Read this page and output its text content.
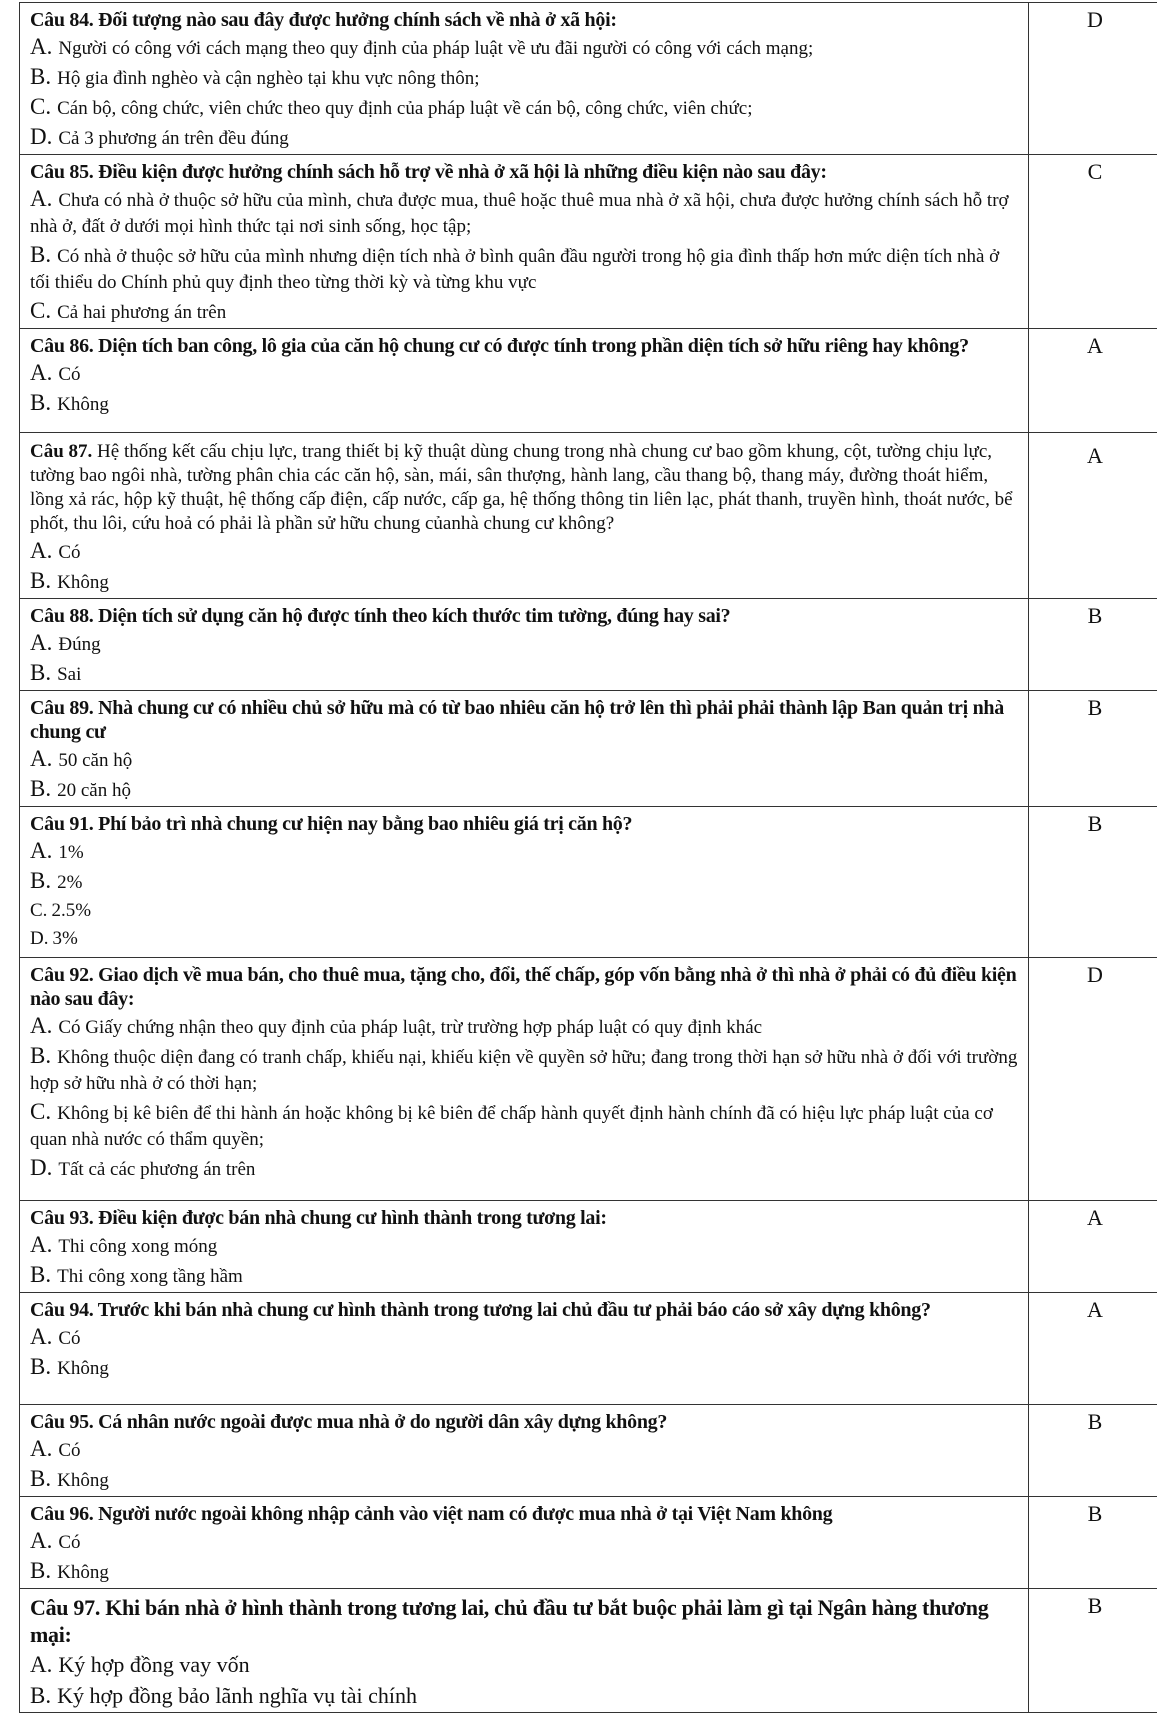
Câu 84. Đối tượng nào sau đây được hưởng chính sách về nhà ở xã hội:
A. Người có công với cách mạng theo quy định của pháp luật về ưu đãi người có công với cách mạng;
B. Hộ gia đình nghèo và cận nghèo tại khu vực nông thôn;
C. Cán bộ, công chức, viên chức theo quy định của pháp luật về cán bộ, công chức, viên chức;
D. Cả 3 phương án trên đều đúng	D

Câu 85. Điều kiện được hưởng chính sách hỗ trợ về nhà ở xã hội là những điều kiện nào sau đây:
A. Chưa có nhà ở thuộc sở hữu của mình, chưa được mua, thuê hoặc thuê mua nhà ở xã hội, chưa được hưởng chính sách hỗ trợ nhà ở, đất ở dưới mọi hình thức tại nơi sinh sống, học tập;
B. Có nhà ở thuộc sở hữu của mình nhưng diện tích nhà ở bình quân đầu người trong hộ gia đình thấp hơn mức diện tích nhà ở tối thiểu do Chính phủ quy định theo từng thời kỳ và từng khu vực
C. Cả hai phương án trên	C

Câu 86. Diện tích ban công, lô gia của căn hộ chung cư có được tính trong phần diện tích sở hữu riêng hay không?
A. Có
B. Không	A

Câu 87. Hệ thống kết cấu chịu lực, trang thiết bị kỹ thuật dùng chung trong nhà chung cư bao gồm khung, cột, tường chịu lực, tường bao ngôi nhà, tường phân chia các căn hộ, sàn, mái, sân thượng, hành lang, cầu thang bộ, thang máy, đường thoát hiểm, lồng xả rác, hộp kỹ thuật, hệ thống cấp điện, cấp nước, cấp ga, hệ thống thông tin liên lạc, phát thanh, truyền hình, thoát nước, bể phốt, thu lôi, cứu hoả có phải là phần sử hữu chung củanhà chung cư không?
A. Có
B. Không	A

Câu 88. Diện tích sử dụng căn hộ được tính theo kích thước tim tường, đúng hay sai?
A. Đúng
B. Sai	B

Câu 89. Nhà chung cư có nhiều chủ sở hữu mà có từ bao nhiêu căn hộ trở lên thì phải phải thành lập Ban quản trị nhà chung cư
A. 50 căn hộ
B. 20 căn hộ	B

Câu 91. Phí bảo trì nhà chung cư hiện nay bằng bao nhiêu giá trị căn hộ?
A. 1%
B. 2%
C. 2.5%
D. 3%	B

Câu 92. Giao dịch về mua bán, cho thuê mua, tặng cho, đổi, thế chấp, góp vốn bằng nhà ở thì nhà ở phải có đủ điều kiện nào sau đây:
A. Có Giấy chứng nhận theo quy định của pháp luật, trừ trường hợp pháp luật có quy định khác
B. Không thuộc diện đang có tranh chấp, khiếu nại, khiếu kiện về quyền sở hữu; đang trong thời hạn sở hữu nhà ở đối với trường hợp sở hữu nhà ở có thời hạn;
C. Không bị kê biên để thi hành án hoặc không bị kê biên để chấp hành quyết định hành chính đã có hiệu lực pháp luật của cơ quan nhà nước có thẩm quyền;
D. Tất cả các phương án trên	D

Câu 93. Điều kiện được bán nhà chung cư hình thành trong tương lai:
A. Thi công xong móng
B. Thi công xong tầng hầm	A

Câu 94. Trước khi bán nhà chung cư hình thành trong tương lai chủ đầu tư phải báo cáo sở xây dựng không?
A. Có
B. Không	A

Câu 95. Cá nhân nước ngoài được mua nhà ở do người dân xây dựng không?
A. Có
B. Không	B

Câu 96. Người nước ngoài không nhập cảnh vào việt nam có được mua nhà ở tại Việt Nam không
A. Có
B. Không	B

Câu 97. Khi bán nhà ở hình thành trong tương lai, chủ đầu tư bắt buộc phải làm gì tại Ngân hàng thương mại:
A. Ký hợp đồng vay vốn
B. Ký hợp đồng bảo lãnh nghĩa vụ tài chính	B
